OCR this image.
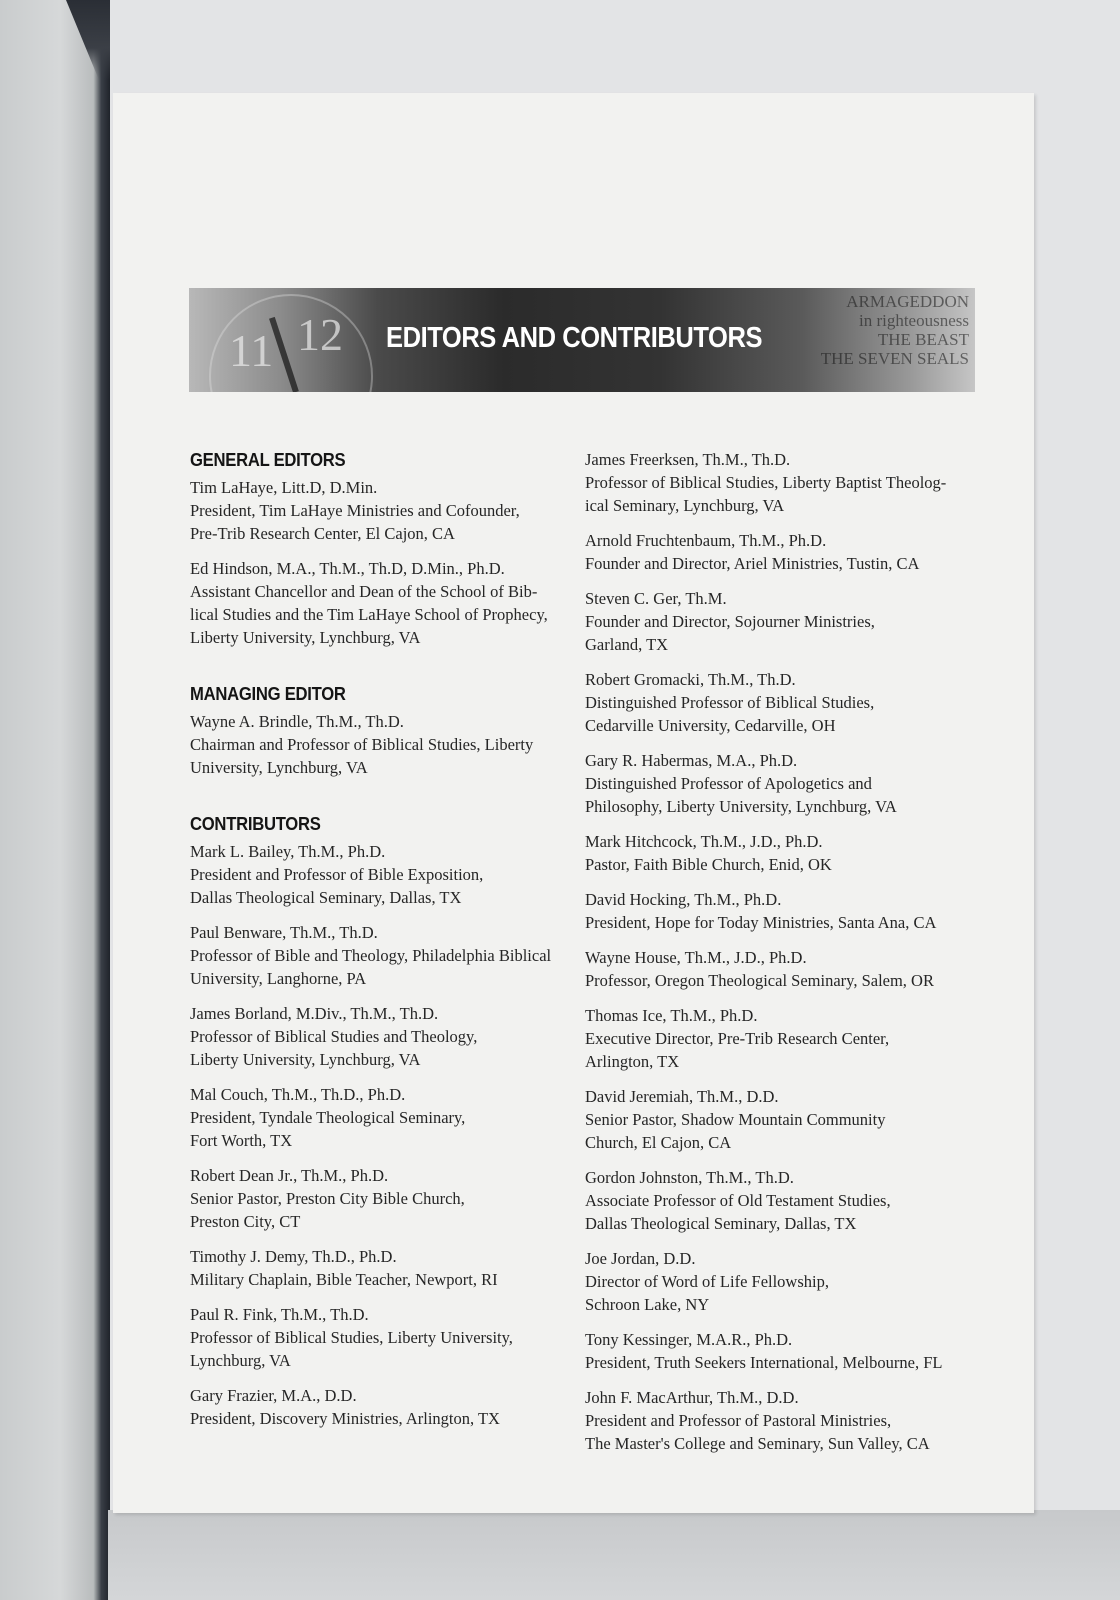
11 12 EDITORS AND CONTRIBUTORS
ARMAGEDDON
in righteousness
THE BEAST
THE SEVEN SEALS
GENERAL EDITORS
Tim LaHaye, Litt.D, D.Min.
President, Tim LaHaye Ministries and Cofounder,
Pre-Trib Research Center, El Cajon, CA
Ed Hindson, M.A., Th.M., Th.D, D.Min., Ph.D.
Assistant Chancellor and Dean of the School of Bib-
lical Studies and the Tim LaHaye School of Prophecy,
Liberty University, Lynchburg, VA
MANAGING EDITOR
Wayne A. Brindle, Th.M., Th.D.
Chairman and Professor of Biblical Studies, Liberty
University, Lynchburg, VA
CONTRIBUTORS
Mark L. Bailey, Th.M., Ph.D.
President and Professor of Bible Exposition,
Dallas Theological Seminary, Dallas, TX
Paul Benware, Th.M., Th.D.
Professor of Bible and Theology, Philadelphia Biblical
University, Langhorne, PA
James Borland, M.Div., Th.M., Th.D.
Professor of Biblical Studies and Theology,
Liberty University, Lynchburg, VA
Mal Couch, Th.M., Th.D., Ph.D.
President, Tyndale Theological Seminary,
Fort Worth, TX
Robert Dean Jr., Th.M., Ph.D.
Senior Pastor, Preston City Bible Church,
Preston City, CT
Timothy J. Demy, Th.D., Ph.D.
Military Chaplain, Bible Teacher, Newport, RI
Paul R. Fink, Th.M., Th.D.
Professor of Biblical Studies, Liberty University,
Lynchburg, VA
Gary Frazier, M.A., D.D.
President, Discovery Ministries, Arlington, TX
James Freerksen, Th.M., Th.D.
Professor of Biblical Studies, Liberty Baptist Theolog-
ical Seminary, Lynchburg, VA
Arnold Fruchtenbaum, Th.M., Ph.D.
Founder and Director, Ariel Ministries, Tustin, CA
Steven C. Ger, Th.M.
Founder and Director, Sojourner Ministries,
Garland, TX
Robert Gromacki, Th.M., Th.D.
Distinguished Professor of Biblical Studies,
Cedarville University, Cedarville, OH
Gary R. Habermas, M.A., Ph.D.
Distinguished Professor of Apologetics and
Philosophy, Liberty University, Lynchburg, VA
Mark Hitchcock, Th.M., J.D., Ph.D.
Pastor, Faith Bible Church, Enid, OK
David Hocking, Th.M., Ph.D.
President, Hope for Today Ministries, Santa Ana, CA
Wayne House, Th.M., J.D., Ph.D.
Professor, Oregon Theological Seminary, Salem, OR
Thomas Ice, Th.M., Ph.D.
Executive Director, Pre-Trib Research Center,
Arlington, TX
David Jeremiah, Th.M., D.D.
Senior Pastor, Shadow Mountain Community
Church, El Cajon, CA
Gordon Johnston, Th.M., Th.D.
Associate Professor of Old Testament Studies,
Dallas Theological Seminary, Dallas, TX
Joe Jordan, D.D.
Director of Word of Life Fellowship,
Schroon Lake, NY
Tony Kessinger, M.A.R., Ph.D.
President, Truth Seekers International, Melbourne, FL
John F. MacArthur, Th.M., D.D.
President and Professor of Pastoral Ministries,
The Master's College and Seminary, Sun Valley, CA
